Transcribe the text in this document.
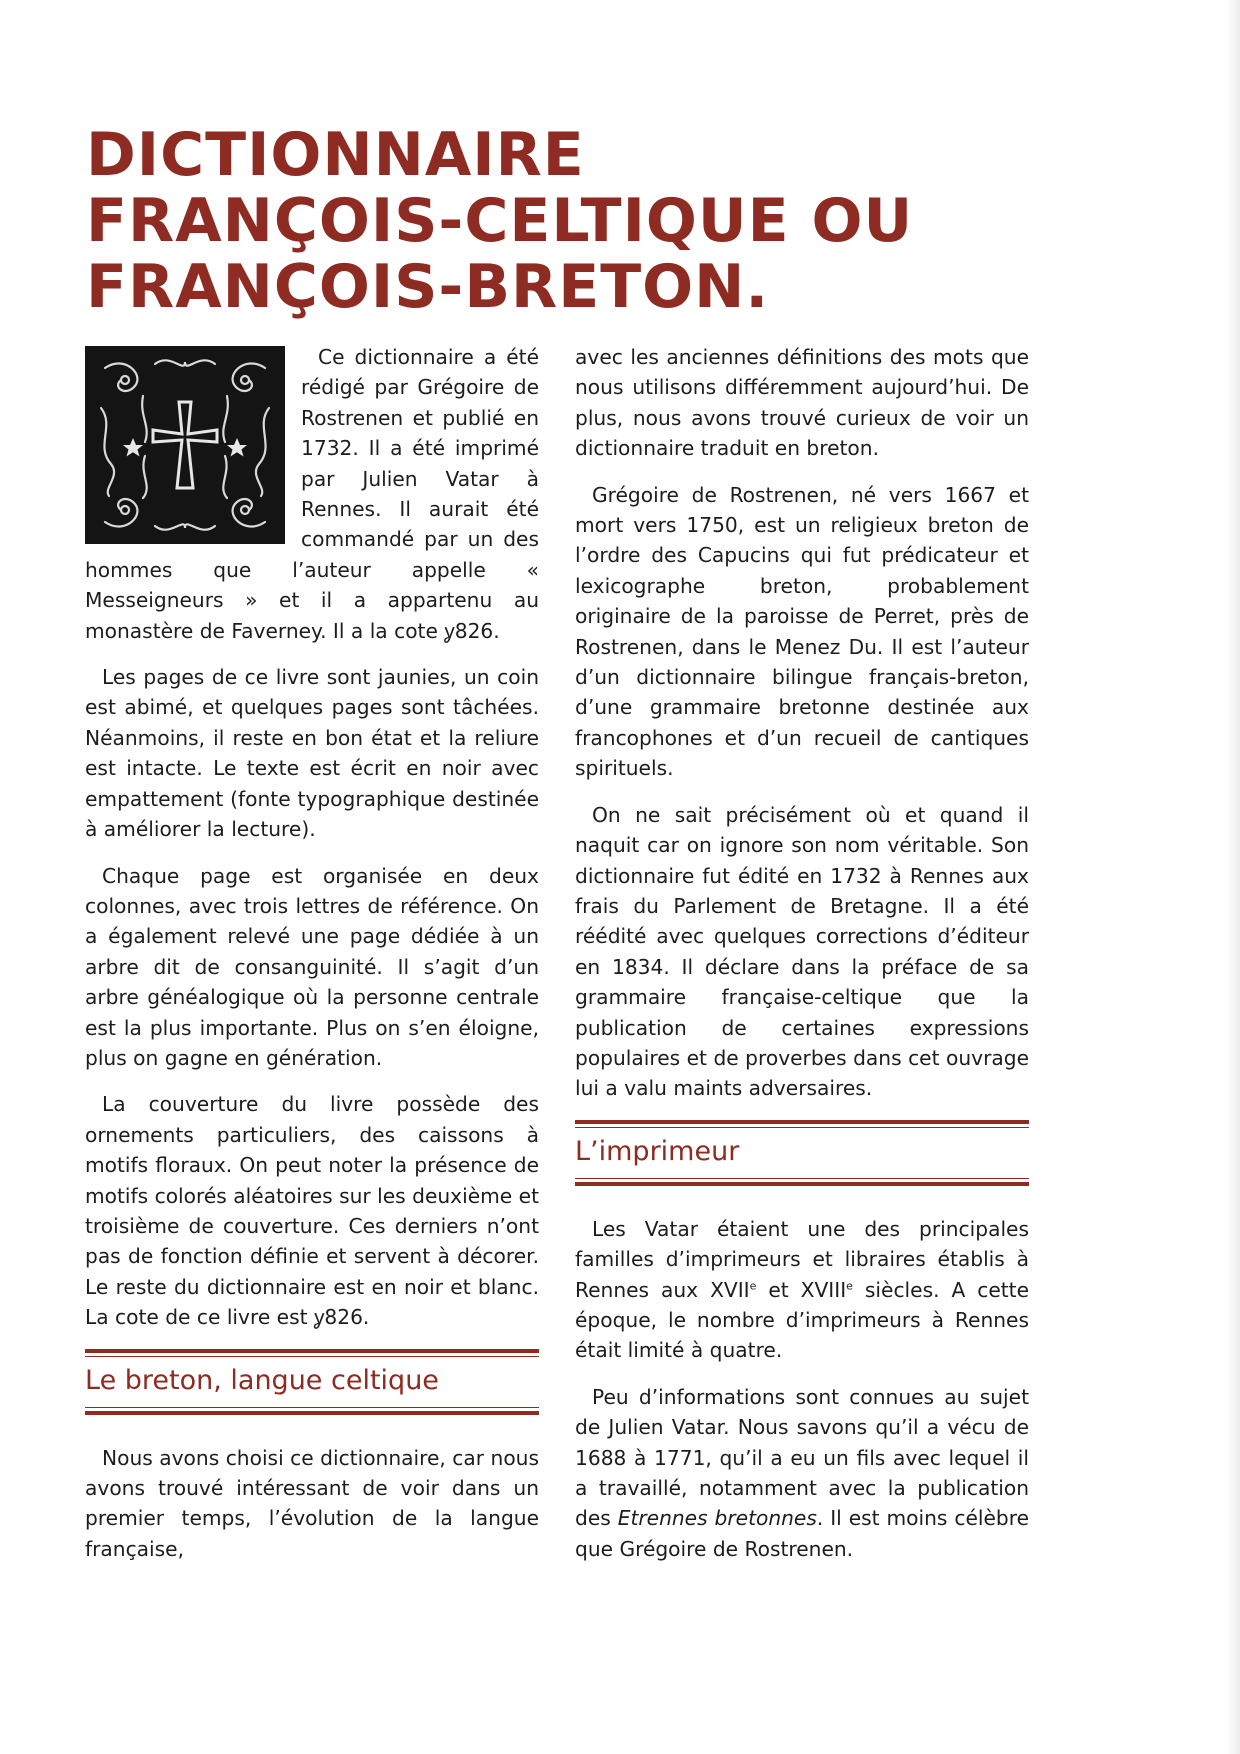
DICTIONNAIRE
FRANÇOIS-CELTIQUE OU
FRANÇOIS-BRETON.

Ce dictionnaire a été rédigé par Grégoire de Rostrenen et publié en 1732. Il a été imprimé par Julien Vatar à Rennes. Il aurait été commandé par un des hommes que l’auteur appelle « Messeigneurs » et il a appartenu au monastère de Faverney. Il a la cote ỿ826.

Les pages de ce livre sont jaunies, un coin est abimé, et quelques pages sont tâchées. Néanmoins, il reste en bon état et la reliure est intacte. Le texte est écrit en noir avec empattement (fonte typographique destinée à améliorer la lecture).

Chaque page est organisée en deux colonnes, avec trois lettres de référence. On a également relevé une page dédiée à un arbre dit de consanguinité. Il s’agit d’un arbre généalogique où la personne centrale est la plus importante. Plus on s’en éloigne, plus on gagne en génération.

La couverture du livre possède des ornements particuliers, des caissons à motifs floraux. On peut noter la présence de motifs colorés aléatoires sur les deuxième et troisième de couverture. Ces derniers n’ont pas de fonction définie et servent à décorer. Le reste du dictionnaire est en noir et blanc. La cote de ce livre est ỿ826.

Le breton, langue celtique

Nous avons choisi ce dictionnaire, car nous avons trouvé intéressant de voir dans un premier temps, l’évolution de la langue française,

avec les anciennes définitions des mots que nous utilisons différemment aujourd’hui. De plus, nous avons trouvé curieux de voir un dictionnaire traduit en breton.

Grégoire de Rostrenen, né vers 1667 et mort vers 1750, est un religieux breton de l’ordre des Capucins qui fut prédicateur et lexicographe breton, probablement originaire de la paroisse de Perret, près de Rostrenen, dans le Menez Du. Il est l’auteur d’un dictionnaire bilingue français-breton, d’une grammaire bretonne destinée aux francophones et d’un recueil de cantiques spirituels.

On ne sait précisément où et quand il naquit car on ignore son nom véritable. Son dictionnaire fut édité en 1732 à Rennes aux frais du Parlement de Bretagne. Il a été réédité avec quelques corrections d’éditeur en 1834. Il déclare dans la préface de sa grammaire française-celtique que la publication de certaines expressions populaires et de proverbes dans cet ouvrage lui a valu maints adversaires.

L’imprimeur

Les Vatar étaient une des principales familles d’imprimeurs et libraires établis à Rennes aux XVIIe et XVIIIe siècles. A cette époque, le nombre d’imprimeurs à Rennes était limité à quatre.

Peu d’informations sont connues au sujet de Julien Vatar. Nous savons qu’il a vécu de 1688 à 1771, qu’il a eu un fils avec lequel il a travaillé, notamment avec la publication des Etrennes bretonnes. Il est moins célèbre que Grégoire de Rostrenen.
